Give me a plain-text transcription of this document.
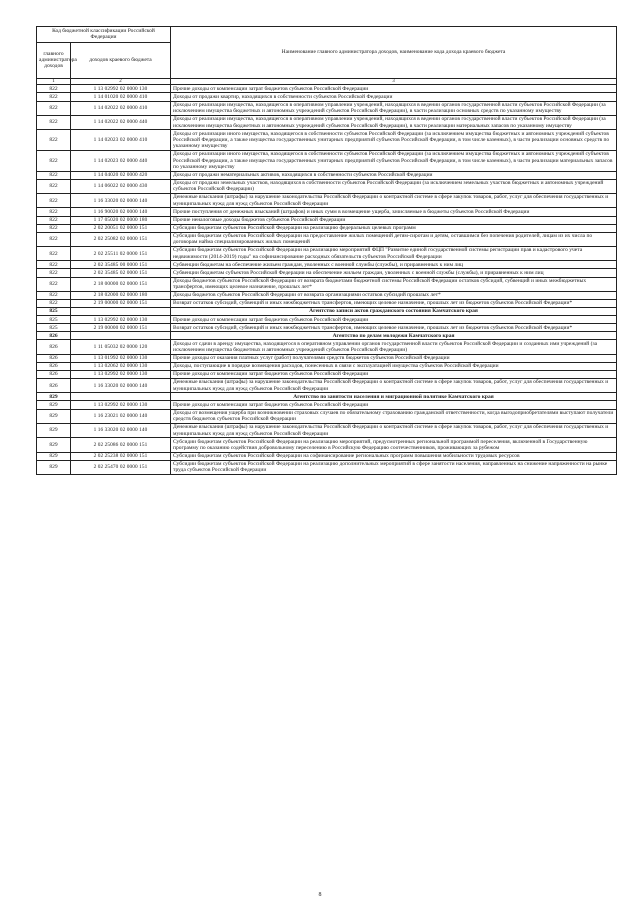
Код бюджетной классификации Российской Федерации		Наименование главного администратора доходов, наименование кода дохода краевого бюджета
главного администратора доходов	доходов краевого бюджета	
1	2	3
822	1 13 02992 02 0000 130	Прочие доходы от компенсации затрат бюджетов субъектов Российской Федерации
822	1 14 01020 02 0000 410	Доходы от продажи квартир, находящихся в собственности субъектов Российской Федерации
822	1 14 02022 02 0000 410	Доходы от реализации имущества, находящегося в оперативном управлении учреждений, находящихся в ведении органов государственной власти субъектов Российской Федерации (за исключением имущества бюджетных и автономных учреждений субъектов Российской Федерации), в части реализации основных средств по указанному имуществу
822	1 14 02022 02 0000 440	Доходы от реализации имущества, находящегося в оперативном управлении учреждений, находящихся в ведении органов государственной власти субъектов Российской Федерации (за исключением имущества бюджетных и автономных учреждений субъектов Российской Федерации), в части реализации материальных запасов по указанному имуществу
822	1 14 02023 02 0000 410	Доходы от реализации иного имущества, находящегося в собственности субъектов Российской Федерации (за исключением имущества бюджетных и автономных учреждений субъектов Российской Федерации, а также имущества государственных унитарных предприятий субъектов Российской Федерации, в том числе казенных), в части реализации основных средств по указанному имуществу
822	1 14 02023 02 0000 440	Доходы от реализации иного имущества, находящегося в собственности субъектов Российской Федерации (за исключением имущества бюджетных и автономных учреждений субъектов Российской Федерации, а также имущества государственных унитарных предприятий субъектов Российской Федерации, в том числе казенных), в части реализации материальных запасов по указанному имуществу
822	1 14 04020 02 0000 420	Доходы от продажи нематериальных активов, находящихся в собственности субъектов Российской Федерации
822	1 14 06022 02 0000 430	Доходы от продажи земельных участков, находящихся в собственности субъектов Российской Федерации (за исключением земельных участков бюджетных и автономных учреждений субъектов Российской Федерации)
822	1 16 33020 02 0000 140	Денежные взыскания (штрафы) за нарушение законодательства Российской Федерации о контрактной системе в сфере закупок товаров, работ, услуг для обеспечения государственных и муниципальных нужд для нужд субъектов Российской Федерации
822	1 16 90020 02 0000 140	Прочие поступления от денежных взысканий (штрафов) и иных сумм в возмещение ущерба, зачисляемые в бюджеты субъектов Российской Федерации
822	1 17 05020 02 0000 180	Прочие неналоговые доходы бюджетов субъектов Российской Федерации
822	2 02 20051 02 0000 151	Субсидии бюджетам субъектов Российской Федерации на реализацию федеральных целевых программ
822	2 02 25082 02 0000 151	Субсидии бюджетам субъектов Российской Федерации на предоставление жилых помещений детям-сиротам и детям, оставшимся без попечения родителей, лицам из их числа по договорам найма специализированных жилых помещений
822	2 02 25511 02 0000 151	Субсидии бюджетам субъектов Российской Федерации на реализацию мероприятий ФЦП "Развитие единой государственной системы регистрации прав и кадастрового учета недвижимости (2014-2019) годы" на софинансирование расходных обязательств субъектов Российской Федерации
822	2 02 35485 00 0000 151	Субвенции бюджетам на обеспечение жильем граждан, уволенных с военной службы (службы), и приравненных к ним лиц
822	2 02 35485 02 0000 151	Субвенции бюджетам субъектов Российской Федерации на обеспечение жильем граждан, уволенных с военной службы (службы), и приравненных к ним лиц
822	2 18 00000 02 0000 151	Доходы бюджетов субъектов Российской Федерации от возврата бюджетами бюджетной системы Российской Федерации остатков субсидий, субвенций и иных межбюджетных трансфертов, имеющих целевое назначение, прошлых лет*
822	2 18 02000 02 0000 180	Доходы бюджетов субъектов Российской Федерации от возврата организациями остатков субсидий прошлых лет*
822	2 19 00000 02 0000 151	Возврат остатков субсидий, субвенций и иных межбюджетных трансфертов, имеющих целевое назначение, прошлых лет из бюджетов субъектов Российской Федерации*
825		Агентство записи актов гражданского состояния Камчатского края
825	1 13 02992 02 0000 130	Прочие доходы от компенсации затрат бюджетов субъектов Российской Федерации
825	2 19 00000 02 0000 151	Возврат остатков субсидий, субвенций и иных межбюджетных трансфертов, имеющих целевое назначение, прошлых лет из бюджетов субъектов Российской Федерации*
826		Агентство по делам молодежи Камчатского края
826	1 11 05032 02 0000 120	Доходы от сдачи в аренду имущества, находящегося в оперативном управлении органов государственной власти субъектов Российской Федерации и созданных ими учреждений (за исключением имущества бюджетных и автономных учреждений субъектов Российской Федерации)
826	1 13 01992 02 0000 130	Прочие доходы от оказания платных услуг (работ) получателями средств бюджетов субъектов Российской Федерации
826	1 13 02062 02 0000 130	Доходы, поступающие в порядке возмещения расходов, понесенных в связи с эксплуатацией имущества субъектов Российской Федерации
826	1 13 02992 02 0000 130	Прочие доходы от компенсации затрат бюджетов субъектов Российской Федерации
826	1 16 33020 02 0000 140	Денежные взыскания (штрафы) за нарушение законодательства Российской Федерации о контрактной системе в сфере закупок товаров, работ, услуг для обеспечения государственных и муниципальных нужд для нужд субъектов Российской Федерации
829		Агентство по занятости населения и миграционной политике Камчатского края
829	1 13 02992 02 0000 130	Прочие доходы от компенсации затрат бюджетов субъектов Российской Федерации
829	1 16 23021 02 0000 140	Доходы от возмещения ущерба при возникновении страховых случаев по обязательному страхованию гражданской ответственности, когда выгодоприобретателями выступают получатели средств бюджетов субъектов Российской Федерации
829	1 16 33020 02 0000 140	Денежные взыскания (штрафы) за нарушение законодательства Российской Федерации о контрактной системе в сфере закупок товаров, работ, услуг для обеспечения государственных и муниципальных нужд для нужд субъектов Российской Федерации
829	2 02 25086 02 0000 151	Субсидии бюджетам субъектов Российской Федерации на реализацию мероприятий, предусмотренных региональной программой переселения, включенной в Государственную программу по оказанию содействия добровольному переселению в Российскую Федерацию соотечественников, проживающих за рубежом
829	2 02 25238 02 0000 151	Субсидии бюджетам субъектов Российской Федерации на софинансирование региональных программ повышения мобильности трудовых ресурсов
829	2 02 25470 02 0000 151	Субсидии бюджетам субъектов Российской Федерации на реализацию дополнительных мероприятий в сфере занятости населения, направленных на снижение напряженности на рынке труда субъектов Российской Федерации
8
